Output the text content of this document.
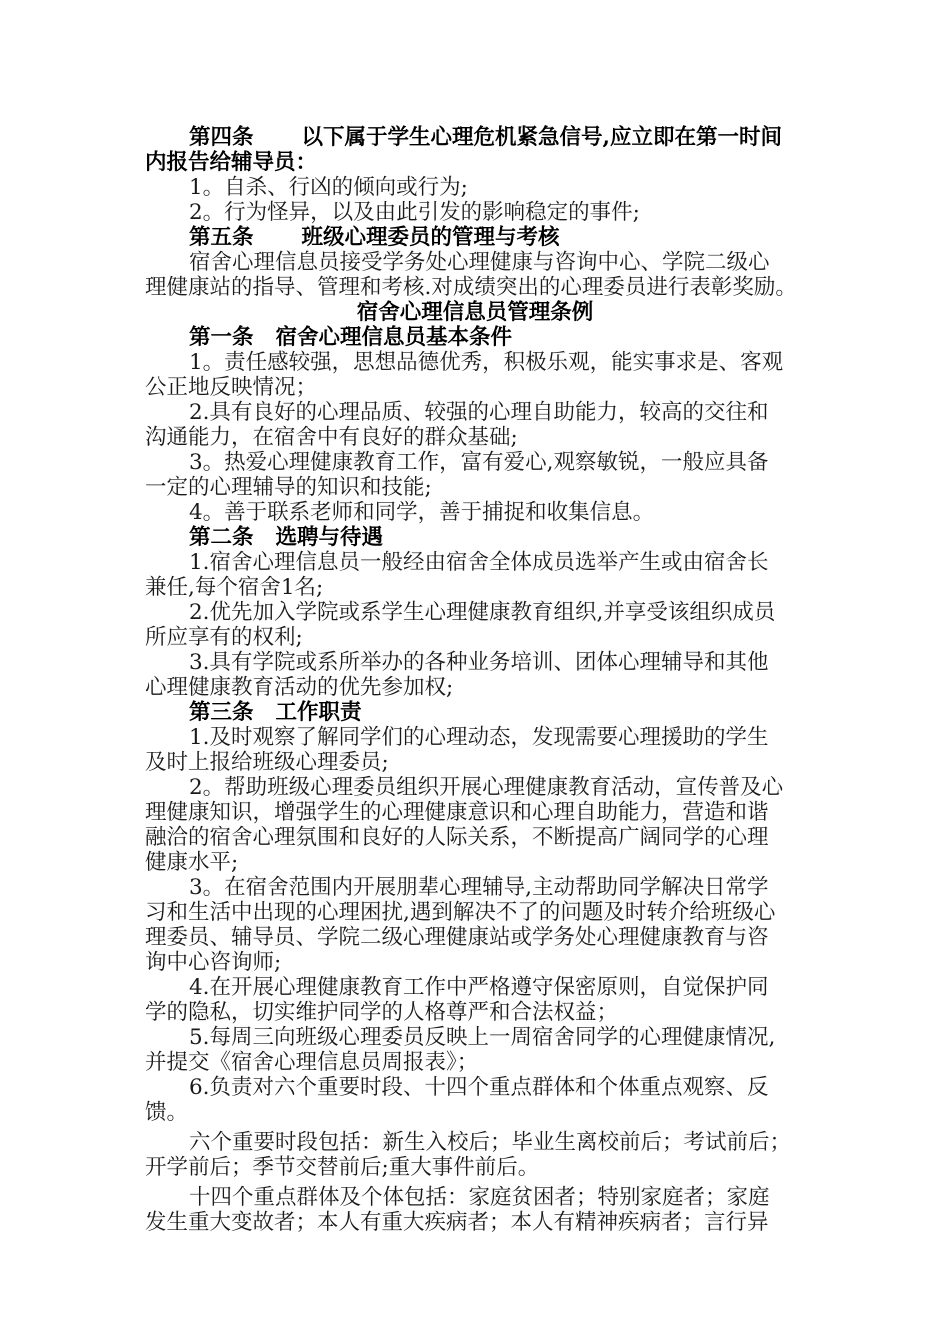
第四条 以下属于学生心理危机紧急信号,应立即在第一时间
内报告给辅导员：
1。自杀、行凶的倾向或行为;
2。行为怪异，以及由此引发的影响稳定的事件;
第五条 班级心理委员的管理与考核
宿舍心理信息员接受学务处心理健康与咨询中心、学院二级心
理健康站的指导、管理和考核.对成绩突出的心理委员进行表彰奖励。
宿舍心理信息员管理条例
第一条 宿舍心理信息员基本条件
1。责任感较强，思想品德优秀，积极乐观，能实事求是、客观
公正地反映情况；
2.具有良好的心理品质、较强的心理自助能力，较高的交往和
沟通能力，在宿舍中有良好的群众基础;
3。热爱心理健康教育工作，富有爱心,观察敏锐，一般应具备
一定的心理辅导的知识和技能;
4。善于联系老师和同学，善于捕捉和收集信息。
第二条 选聘与待遇
1.宿舍心理信息员一般经由宿舍全体成员选举产生或由宿舍长
兼任,每个宿舍1名;
2.优先加入学院或系学生心理健康教育组织,并享受该组织成员
所应享有的权利;
3.具有学院或系所举办的各种业务培训、团体心理辅导和其他
心理健康教育活动的优先参加权;
第三条 工作职责
1.及时观察了解同学们的心理动态，发现需要心理援助的学生
及时上报给班级心理委员;
2。帮助班级心理委员组织开展心理健康教育活动，宣传普及心
理健康知识，增强学生的心理健康意识和心理自助能力，营造和谐
融洽的宿舍心理氛围和良好的人际关系，不断提高广阔同学的心理
健康水平;
3。在宿舍范围内开展朋辈心理辅导,主动帮助同学解决日常学
习和生活中出现的心理困扰,遇到解决不了的问题及时转介给班级心
理委员、辅导员、学院二级心理健康站或学务处心理健康教育与咨
询中心咨询师;
4.在开展心理健康教育工作中严格遵守保密原则，自觉保护同
学的隐私，切实维护同学的人格尊严和合法权益；
5.每周三向班级心理委员反映上一周宿舍同学的心理健康情况,
并提交《宿舍心理信息员周报表》；
6.负责对六个重要时段、十四个重点群体和个体重点观察、反
馈。
六个重要时段包括：新生入校后；毕业生离校前后；考试前后；
开学前后；季节交替前后;重大事件前后。
十四个重点群体及个体包括：家庭贫困者；特别家庭者；家庭
发生重大变故者；本人有重大疾病者；本人有精神疾病者；言行异
